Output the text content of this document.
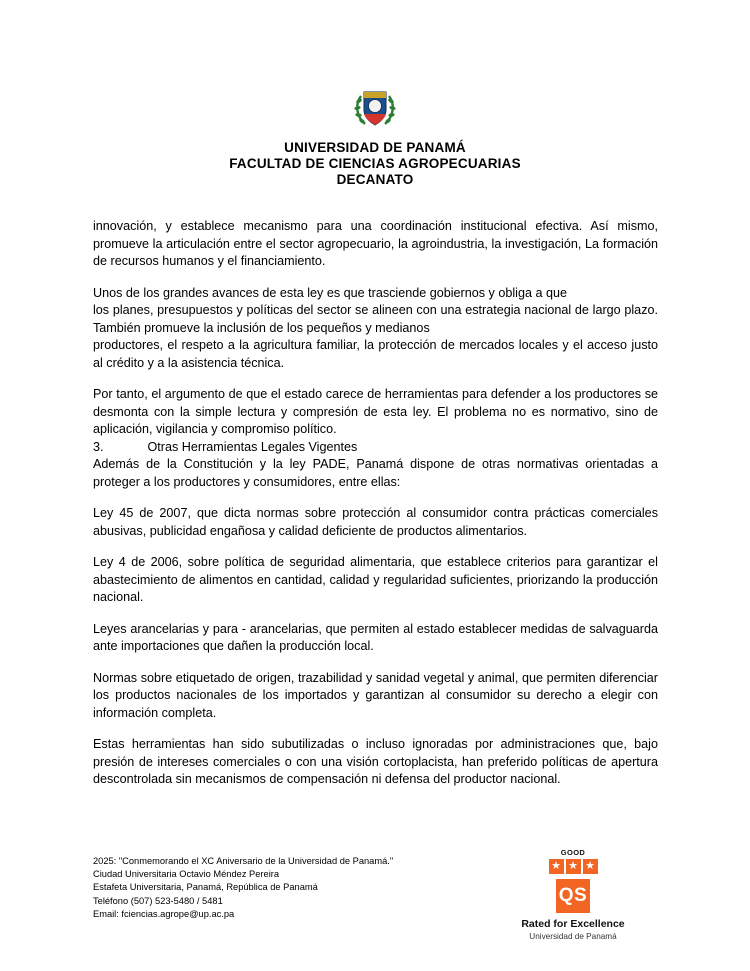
UNIVERSIDAD DE PANAMÁ
FACULTAD DE CIENCIAS AGROPECUARIAS
DECANATO

innovación, y establece mecanismo para una coordinación institucional efectiva. Así mismo, promueve la articulación entre el sector agropecuario, la agroindustria, la investigación, La formación de recursos humanos y el financiamiento.

Unos de los grandes avances de esta ley es que trasciende gobiernos y obliga a que

los planes, presupuestos y políticas del sector se alineen con una estrategia nacional de largo plazo. También promueve la inclusión de los pequeños y medianos

productores, el respeto a la agricultura familiar, la protección de mercados locales y el acceso justo al crédito y a la asistencia técnica.

Por tanto, el argumento de que el estado carece de herramientas para defender a los productores se desmonta con la simple lectura y compresión de esta ley. El problema no es normativo, sino de aplicación, vigilancia y compromiso político.

3.	Otras Herramientas Legales Vigentes

Además de la Constitución y la ley PADE, Panamá dispone de otras normativas orientadas a proteger a los productores y consumidores, entre ellas:

Ley 45 de 2007, que dicta normas sobre protección al consumidor contra prácticas comerciales abusivas, publicidad engañosa y calidad deficiente de productos alimentarios.

Ley 4 de 2006, sobre política de seguridad alimentaria, que establece criterios para garantizar el abastecimiento de alimentos en cantidad, calidad y regularidad suficientes, priorizando la producción nacional.

Leyes arancelarias y para - arancelarias, que permiten al estado establecer medidas de salvaguarda ante importaciones que dañen la producción local.

Normas sobre etiquetado de origen, trazabilidad y sanidad vegetal y animal, que permiten diferenciar los productos nacionales de los importados y garantizan al consumidor su derecho a elegir con información completa.

Estas herramientas han sido subutilizadas o incluso ignoradas por administraciones que, bajo presión de intereses comerciales o con una visión cortoplacista, han preferido políticas de apertura descontrolada sin mecanismos de compensación ni defensa del productor nacional.

2025: "Conmemorando el XC Aniversario de la Universidad de Panamá."
Ciudad Universitaria Octavio Méndez Pereira
Estafeta Universitaria, Panamá, República de Panamá
Teléfono (507) 523-5480 / 5481
Email: fciencias.agrope@up.ac.pa
GOOD
★ ★ ★
QS
Rated for Excellence
Universidad de Panamá
